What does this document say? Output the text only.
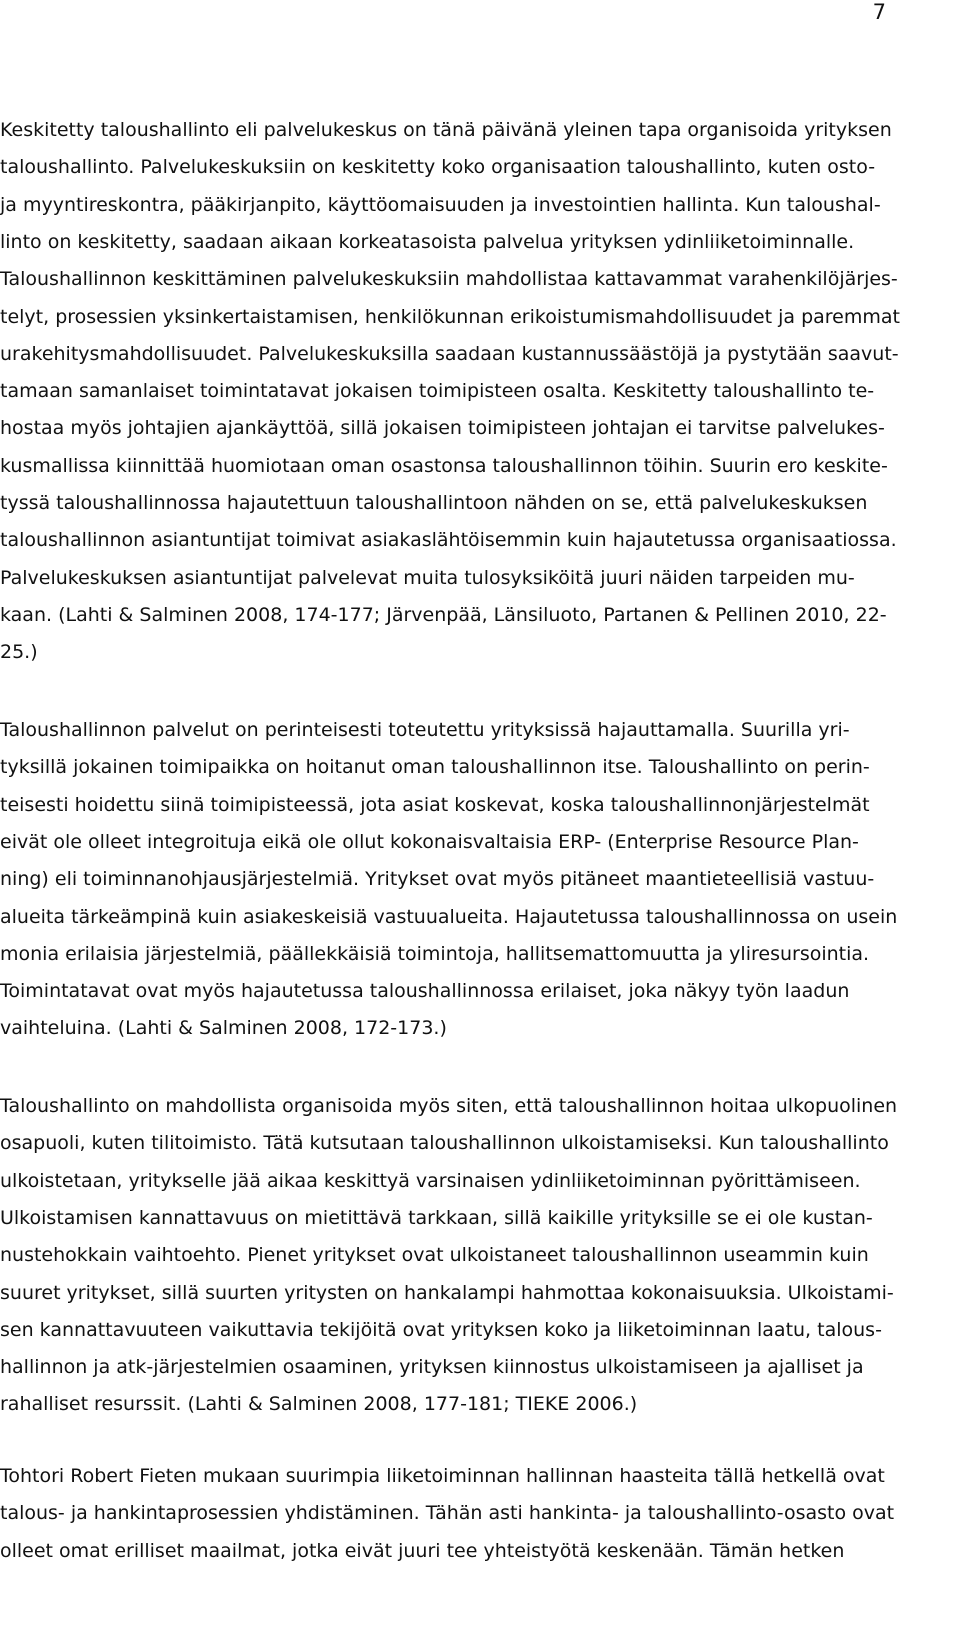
7
Keskitetty taloushallinto eli palvelukeskus on tänä päivänä yleinen tapa organisoida yrityksen
taloushallinto. Palvelukeskuksiin on keskitetty koko organisaation taloushallinto, kuten osto-
ja myyntireskontra, pääkirjanpito, käyttöomaisuuden ja investointien hallinta. Kun taloushal-
linto on keskitetty, saadaan aikaan korkeatasoista palvelua yrityksen ydinliiketoiminnalle.
Taloushallinnon keskittäminen palvelukeskuksiin mahdollistaa kattavammat varahenkilöjärjes-
telyt, prosessien yksinkertaistamisen, henkilökunnan erikoistumismahdollisuudet ja paremmat
urakehitysmahdollisuudet. Palvelukeskuksilla saadaan kustannussäästöjä ja pystytään saavut-
tamaan samanlaiset toimintatavat jokaisen toimipisteen osalta. Keskitetty taloushallinto te-
hostaa myös johtajien ajankäyttöä, sillä jokaisen toimipisteen johtajan ei tarvitse palvelukes-
kusmallissa kiinnittää huomiotaan oman osastonsa taloushallinnon töihin. Suurin ero keskite-
tyssä taloushallinnossa hajautettuun taloushallintoon nähden on se, että palvelukeskuksen
taloushallinnon asiantuntijat toimivat asiakaslähtöisemmin kuin hajautetussa organisaatiossa.
Palvelukeskuksen asiantuntijat palvelevat muita tulosyksiköitä juuri näiden tarpeiden mu-
kaan. (Lahti & Salminen 2008, 174-177; Järvenpää, Länsiluoto, Partanen & Pellinen 2010, 22-
25.)
Taloushallinnon palvelut on perinteisesti toteutettu yrityksissä hajauttamalla. Suurilla yri-
tyksillä jokainen toimipaikka on hoitanut oman taloushallinnon itse. Taloushallinto on perin-
teisesti hoidettu siinä toimipisteessä, jota asiat koskevat, koska taloushallinnonjärjestelmät
eivät ole olleet integroituja eikä ole ollut kokonaisvaltaisia ERP- (Enterprise Resource Plan-
ning) eli toiminnanohjausjärjestelmiä. Yritykset ovat myös pitäneet maantieteellisiä vastuu-
alueita tärkeämpinä kuin asiakeskeisiä vastuualueita. Hajautetussa taloushallinnossa on usein
monia erilaisia järjestelmiä, päällekkäisiä toimintoja, hallitsemattomuutta ja yliresursointia.
Toimintatavat ovat myös hajautetussa taloushallinnossa erilaiset, joka näkyy työn laadun
vaihteluina. (Lahti & Salminen 2008, 172-173.)
Taloushallinto on mahdollista organisoida myös siten, että taloushallinnon hoitaa ulkopuolinen
osapuoli, kuten tilitoimisto. Tätä kutsutaan taloushallinnon ulkoistamiseksi. Kun taloushallinto
ulkoistetaan, yritykselle jää aikaa keskittyä varsinaisen ydinliiketoiminnan pyörittämiseen.
Ulkoistamisen kannattavuus on mietittävä tarkkaan, sillä kaikille yrityksille se ei ole kustan-
nustehokkain vaihtoehto. Pienet yritykset ovat ulkoistaneet taloushallinnon useammin kuin
suuret yritykset, sillä suurten yritysten on hankalampi hahmottaa kokonaisuuksia. Ulkoistami-
sen kannattavuuteen vaikuttavia tekijöitä ovat yrityksen koko ja liiketoiminnan laatu, talous-
hallinnon ja atk-järjestelmien osaaminen, yrityksen kiinnostus ulkoistamiseen ja ajalliset ja
rahalliset resurssit. (Lahti & Salminen 2008, 177-181; TIEKE 2006.)
Tohtori Robert Fieten mukaan suurimpia liiketoiminnan hallinnan haasteita tällä hetkellä ovat
talous- ja hankintaprosessien yhdistäminen. Tähän asti hankinta- ja taloushallinto-osasto ovat
olleet omat erilliset maailmat, jotka eivät juuri tee yhteistyötä keskenään. Tämän hetken
